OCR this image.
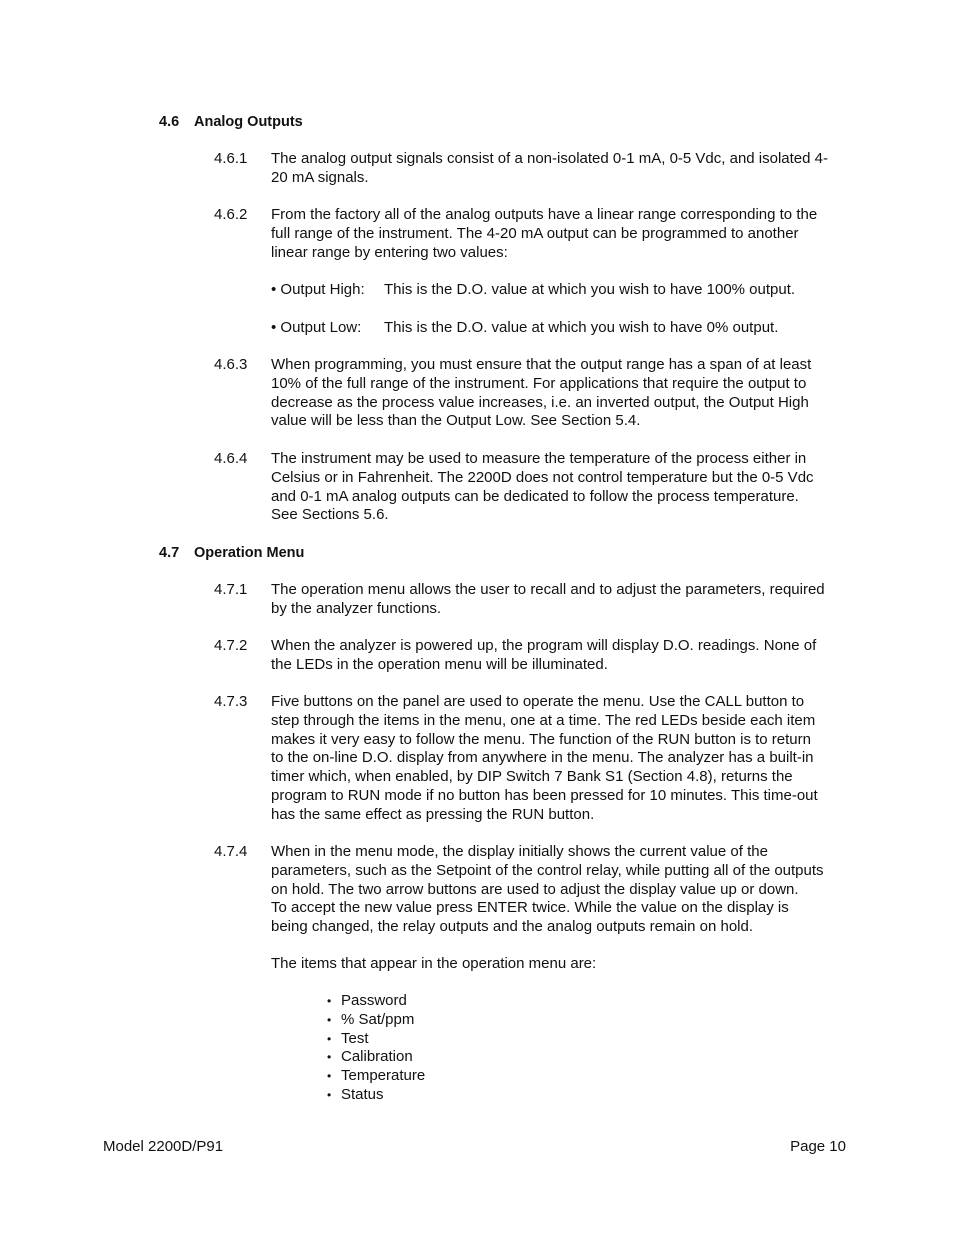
4.6 Analog Outputs
4.6.1 The analog output signals consist of a non-isolated 0-1 mA, 0-5 Vdc, and isolated 4-
20 mA signals.
4.6.2 From the factory all of the analog outputs have a linear range corresponding to the
full range of the instrument. The 4-20 mA output can be programmed to another
linear range by entering two values:
• Output High: This is the D.O. value at which you wish to have 100% output.
• Output Low: This is the D.O. value at which you wish to have 0% output.
4.6.3 When programming, you must ensure that the output range has a span of at least
10% of the full range of the instrument. For applications that require the output to
decrease as the process value increases, i.e. an inverted output, the Output High
value will be less than the Output Low. See Section 5.4.
4.6.4 The instrument may be used to measure the temperature of the process either in
Celsius or in Fahrenheit. The 2200D does not control temperature but the 0-5 Vdc
and 0-1 mA analog outputs can be dedicated to follow the process temperature.
See Sections 5.6.
4.7 Operation Menu
4.7.1 The operation menu allows the user to recall and to adjust the parameters, required
by the analyzer functions.
4.7.2 When the analyzer is powered up, the program will display D.O. readings. None of
the LEDs in the operation menu will be illuminated.
4.7.3 Five buttons on the panel are used to operate the menu. Use the CALL button to
step through the items in the menu, one at a time. The red LEDs beside each item
makes it very easy to follow the menu. The function of the RUN button is to return
to the on-line D.O. display from anywhere in the menu. The analyzer has a built-in
timer which, when enabled, by DIP Switch 7 Bank S1 (Section 4.8), returns the
program to RUN mode if no button has been pressed for 10 minutes. This time-out
has the same effect as pressing the RUN button.
4.7.4 When in the menu mode, the display initially shows the current value of the
parameters, such as the Setpoint of the control relay, while putting all of the outputs
on hold. The two arrow buttons are used to adjust the display value up or down.
To accept the new value press ENTER twice. While the value on the display is
being changed, the relay outputs and the analog outputs remain on hold.
The items that appear in the operation menu are:
• Password
• % Sat/ppm
• Test
• Calibration
• Temperature
• Status
Model 2200D/P91	Page 10
